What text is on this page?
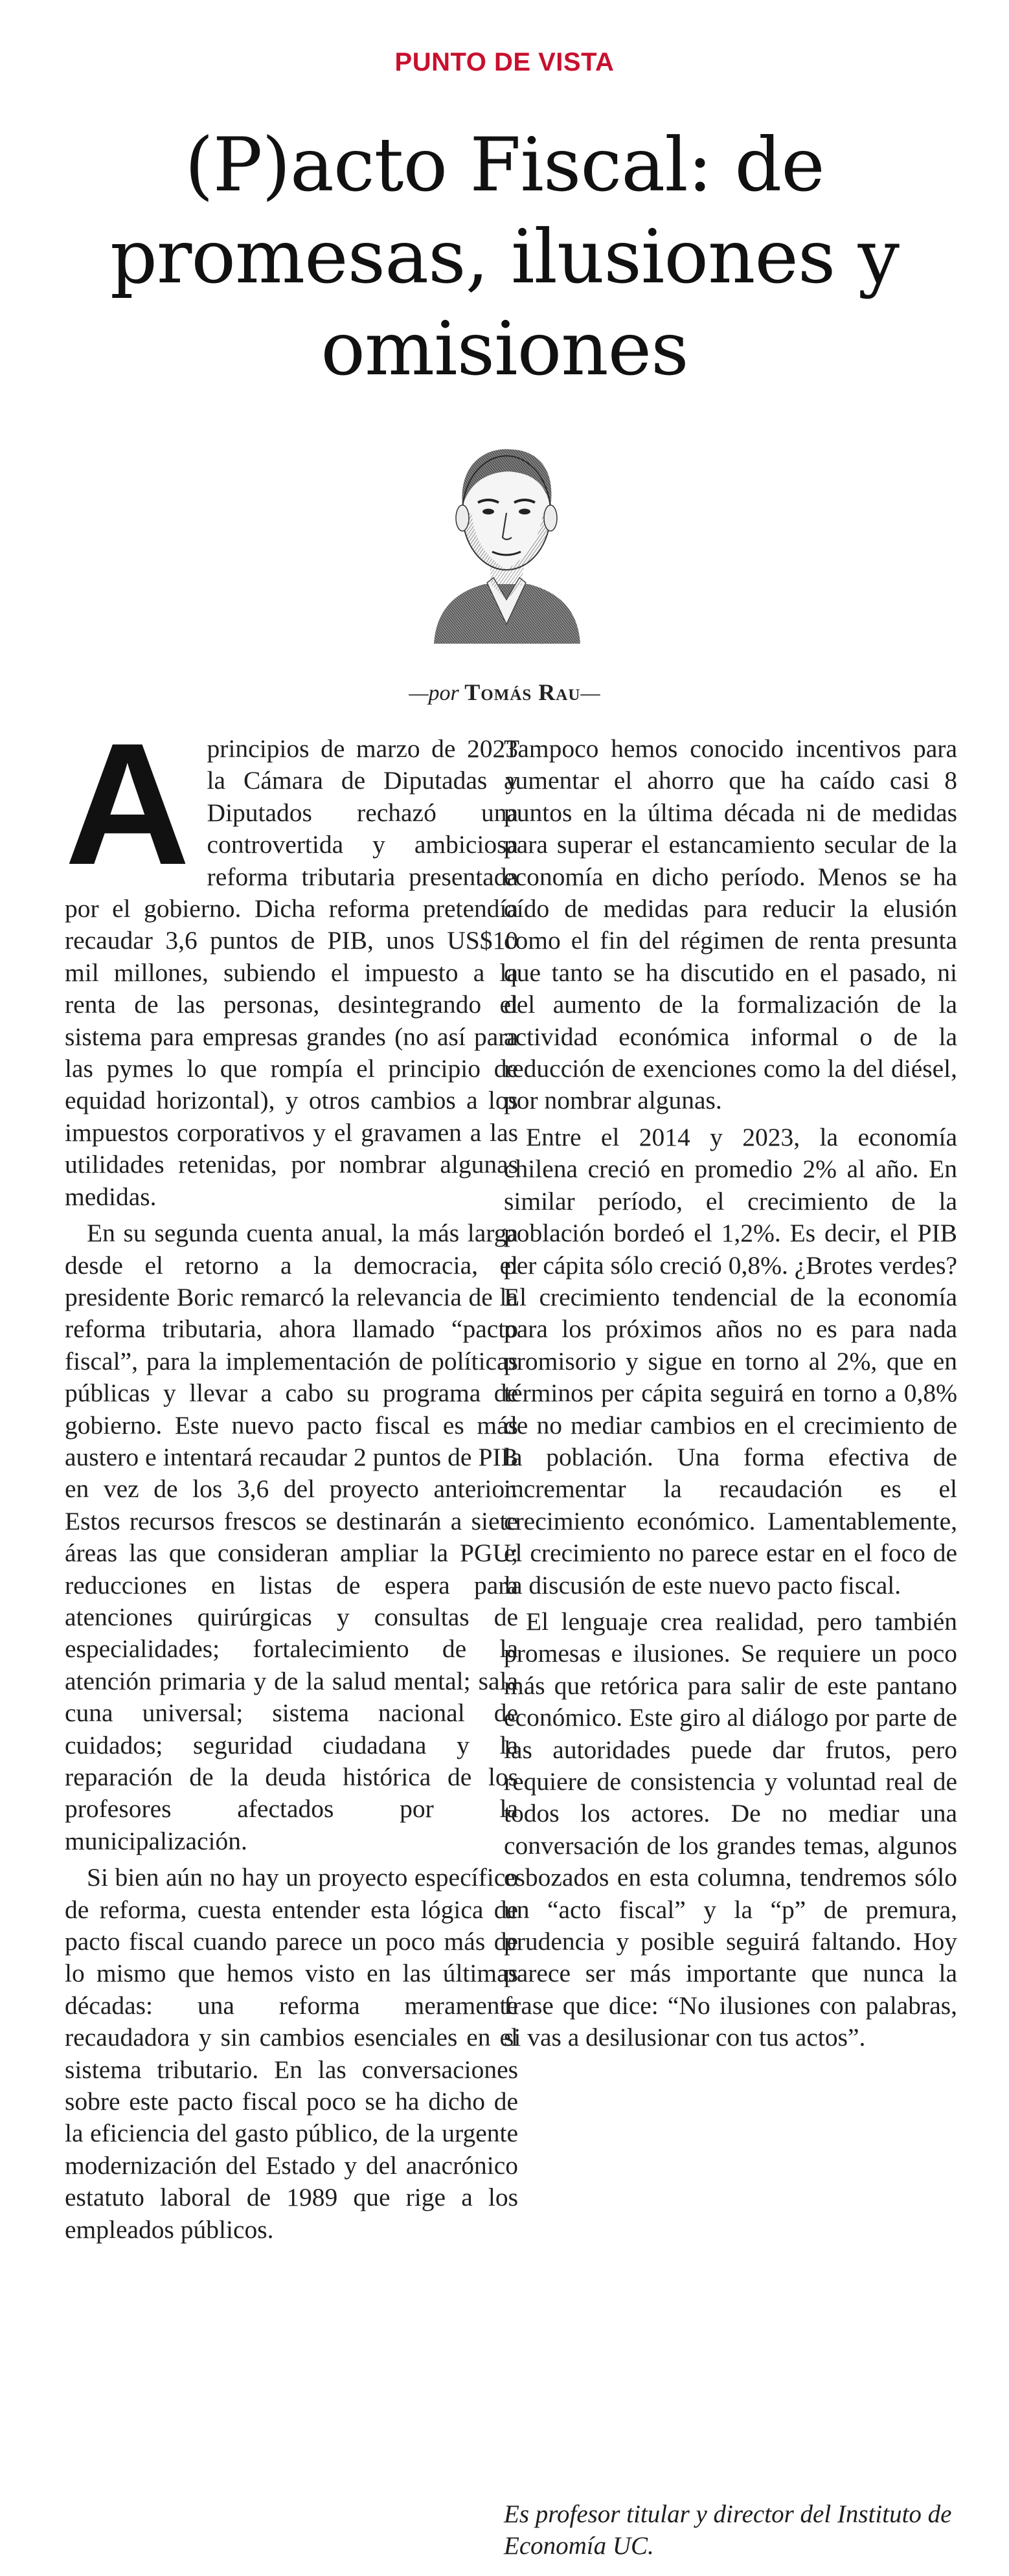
PUNTO DE VISTA
(P)acto Fiscal: de promesas, ilusiones y omisiones
—por Tomás Rau—

Aprincipios de marzo de 2023 la Cámara de Diputadas y Diputados rechazó una controvertida y ambiciosa reforma tributaria presentada por el gobierno. Dicha reforma pretendía recaudar 3,6 puntos de PIB, unos US$10 mil millones, subiendo el impuesto a la renta de las personas, desintegrando el sistema para empresas grandes (no así para las pymes lo que rompía el principio de equidad horizontal), y otros cambios a los impuestos corporativos y el gravamen a las utilidades retenidas, por nombrar algunas medidas.

En su segunda cuenta anual, la más larga desde el retorno a la democracia, el presidente Boric remarcó la relevancia de la reforma tributaria, ahora llamado “pacto fiscal”, para la implementación de políticas públicas y llevar a cabo su programa de gobierno. Este nuevo pacto fiscal es más austero e intentará recaudar 2 puntos de PIB en vez de los 3,6 del proyecto anterior. Estos recursos frescos se destinarán a siete áreas las que consideran ampliar la PGU; reducciones en listas de espera para atenciones quirúrgicas y consultas de especialidades; fortalecimiento de la atención primaria y de la salud mental; sala cuna universal; sistema nacional de cuidados; seguridad ciudadana y la reparación de la deuda histórica de los profesores afectados por la municipalización.

Si bien aún no hay un proyecto específico de reforma, cuesta entender esta lógica de pacto fiscal cuando parece un poco más de lo mismo que hemos visto en las últimas décadas: una reforma meramente recaudadora y sin cambios esenciales en el sistema tributario. En las conversaciones sobre este pacto fiscal poco se ha dicho de la eficiencia del gasto público, de la urgente modernización del Estado y del anacrónico estatuto laboral de 1989 que rige a los empleados públicos.

Tampoco hemos conocido incentivos para aumentar el ahorro que ha caído casi 8 puntos en la última década ni de medidas para superar el estancamiento secular de la economía en dicho período. Menos se ha oído de medidas para reducir la elusión como el fin del régimen de renta presunta que tanto se ha discutido en el pasado, ni del aumento de la formalización de la actividad económica informal o de la reducción de exenciones como la del diésel, por nombrar algunas.

Entre el 2014 y 2023, la economía chilena creció en promedio 2% al año. En similar período, el crecimiento de la población bordeó el 1,2%. Es decir, el PIB per cápita sólo creció 0,8%. ¿Brotes verdes? El crecimiento tendencial de la economía para los próximos años no es para nada promisorio y sigue en torno al 2%, que en términos per cápita seguirá en torno a 0,8% de no mediar cambios en el crecimiento de la población. Una forma efectiva de incrementar la recaudación es el crecimiento económico. Lamentablemente, el crecimiento no parece estar en el foco de la discusión de este nuevo pacto fiscal.

El lenguaje crea realidad, pero también promesas e ilusiones. Se requiere un poco más que retórica para salir de este pantano económico. Este giro al diálogo por parte de las autoridades puede dar frutos, pero requiere de consistencia y voluntad real de todos los actores. De no mediar una conversación de los grandes temas, algunos esbozados en esta columna, tendremos sólo un “acto fiscal” y la “p” de premura, prudencia y posible seguirá faltando. Hoy parece ser más importante que nunca la frase que dice: “No ilusiones con palabras, si vas a desilusionar con tus actos”.

Es profesor titular y director del Instituto de Economía UC.
